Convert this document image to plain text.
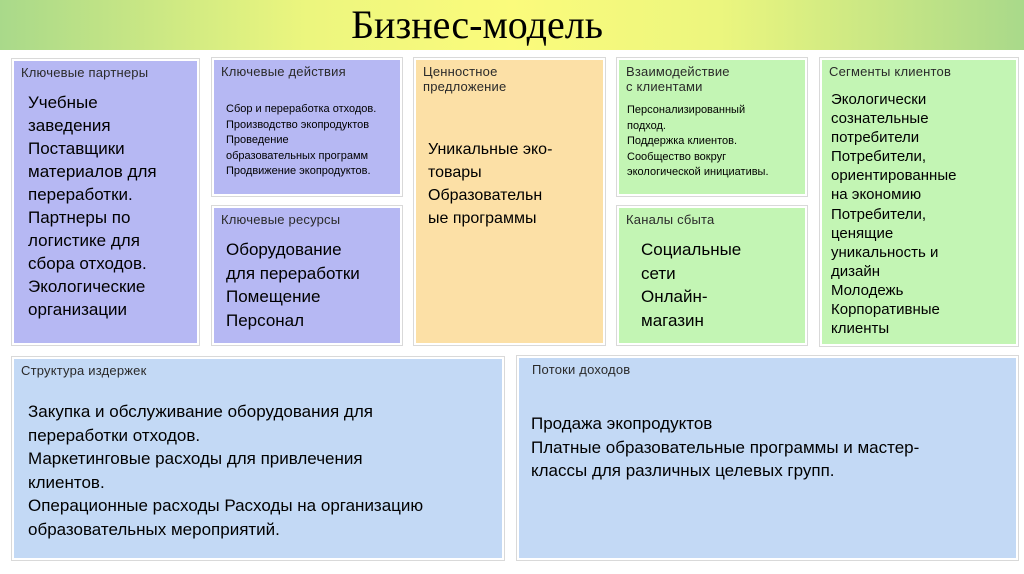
Бизнес-модель
Ключевые партнеры
Учебные
заведения
Поставщики
материалов для
переработки.
Партнеры по
логистике для
сбора отходов.
Экологические
организации
Ключевые действия
Сбор и переработка отходов.
Производство экопродуктов
Проведение
образовательных программ
Продвижение экопродуктов.
Ключевые ресурсы
Оборудование
для переработки
Помещение
Персонал
Ценностное
предложение
Уникальные эко-
товары
Образовательн
ые программы
Взаимодействие
с клиентами
Персонализированный
подход.
Поддержка клиентов.
Сообщество вокруг
экологической инициативы.
Каналы сбыта
Социальные
сети
Онлайн-
магазин
Сегменты клиентов
Экологически
сознательные
потребители
Потребители,
ориентированные
на экономию
Потребители,
ценящие
уникальность и
дизайн
Молодежь
Корпоративные
клиенты
Структура издержек
Закупка и обслуживание оборудования для
переработки отходов.
Маркетинговые расходы для привлечения
клиентов.
Операционные расходы Расходы на организацию
образовательных мероприятий.
Потоки доходов
Продажа экопродуктов
Платные образовательные программы и мастер-
классы для различных целевых групп.
